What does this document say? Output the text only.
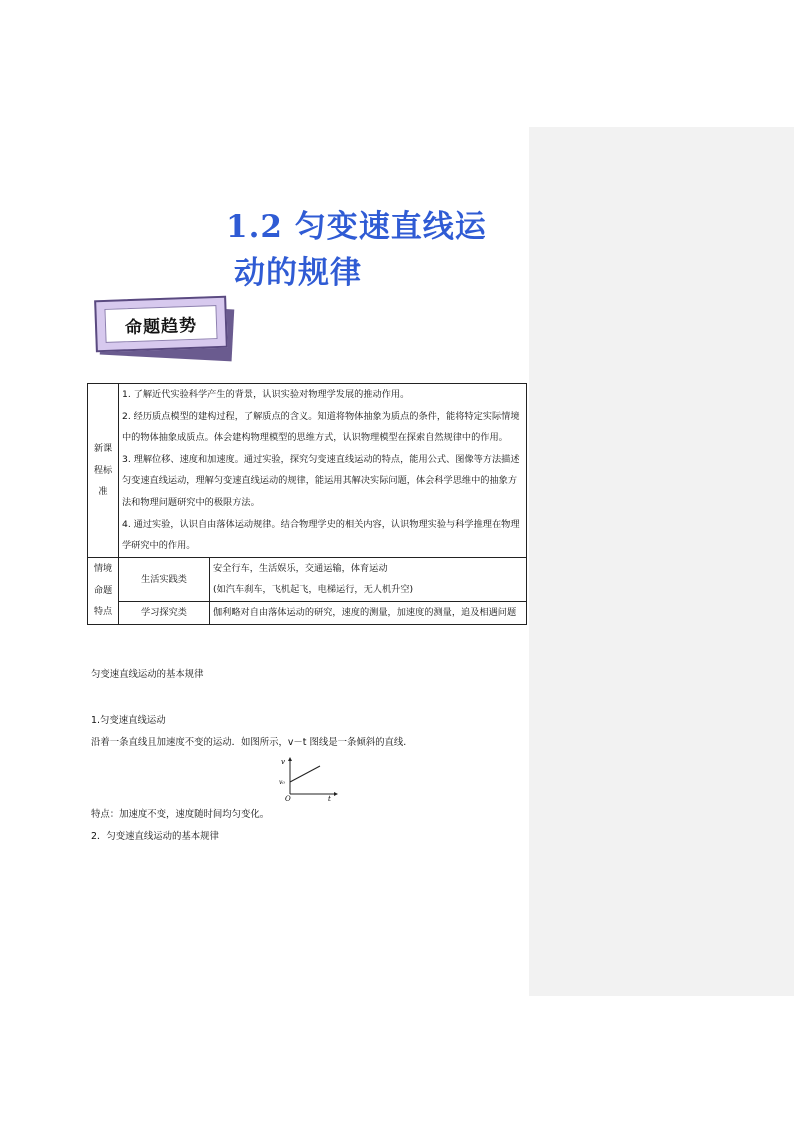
1.2 匀变速直线运
动的规律
命题趋势
新课程标准	1. 了解近代实验科学产生的背景，认识实验对物理学发展的推动作用。
2. 经历质点模型的建构过程，了解质点的含义。知道将物体抽象为质点的条件，能将特定实际情境中的物体抽象成质点。体会建构物理模型的思维方式，认识物理模型在探索自然规律中的作用。
3. 理解位移、速度和加速度。通过实验，探究匀变速直线运动的特点，能用公式、图像等方法描述匀变速直线运动，理解匀变速直线运动的规律，能运用其解决实际问题，体会科学思维中的抽象方法和物理问题研究中的极限方法。
4. 通过实验，认识自由落体运动规律。结合物理学史的相关内容，认识物理实验与科学推理在物理学研究中的作用。	

情境命题特点	生活实践类	安全行车，生活娱乐，交通运输，体育运动
(如汽车刹车，飞机起飞，电梯运行，无人机升空)

	学习探究类	伽利略对自由落体运动的研究，速度的测量，加速度的测量，追及相遇问题
匀变速直线运动的基本规律
1.匀变速直线运动
沿着一条直线且加速度不变的运动．如图所示，v－t 图线是一条倾斜的直线.
v
v₀
O	t
特点：加速度不变，速度随时间均匀变化。
2．匀变速直线运动的基本规律
